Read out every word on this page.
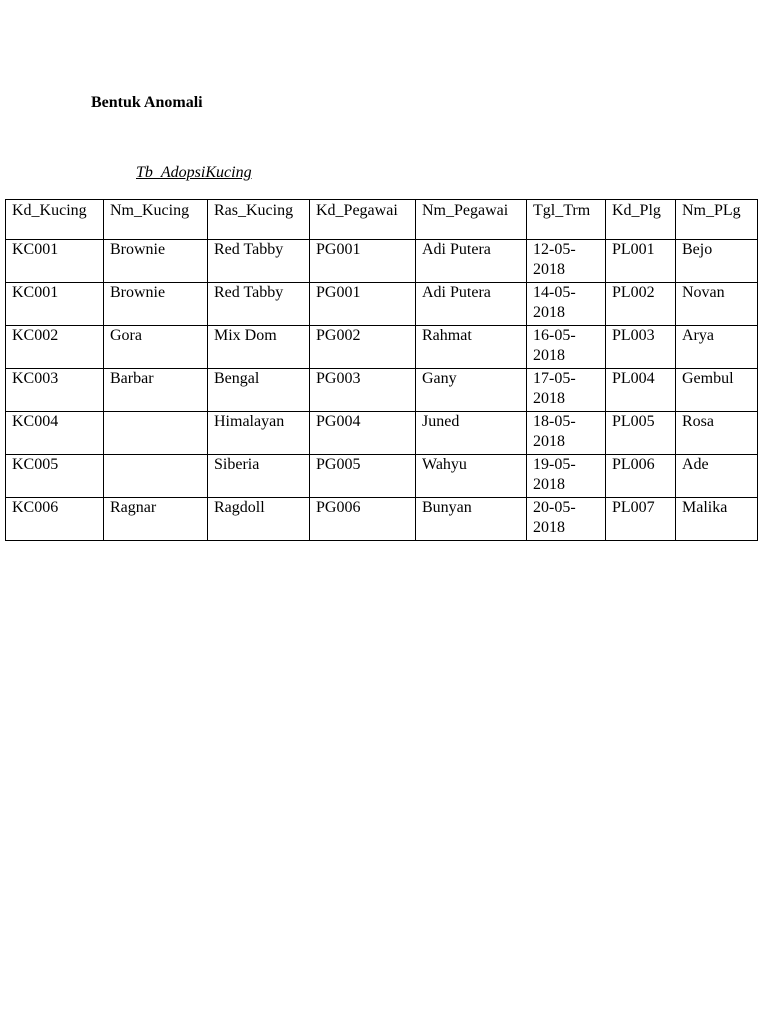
Bentuk Anomali
Tb_AdopsiKucing
Kd_Kucing	Nm_Kucing	Ras_Kucing	Kd_Pegawai	Nm_Pegawai	Tgl_Trm	Kd_Plg	Nm_PLg
KC001	Brownie	Red Tabby	PG001	Adi Putera	12-05-2018	PL001	Bejo
KC001	Brownie	Red Tabby	PG001	Adi Putera	14-05-2018	PL002	Novan
KC002	Gora	Mix Dom	PG002	Rahmat	16-05-2018	PL003	Arya
KC003	Barbar	Bengal	PG003	Gany	17-05-2018	PL004	Gembul
KC004		Himalayan	PG004	Juned	18-05-2018	PL005	Rosa
KC005		Siberia	PG005	Wahyu	19-05-2018	PL006	Ade
KC006	Ragnar	Ragdoll	PG006	Bunyan	20-05-2018	PL007	Malika
